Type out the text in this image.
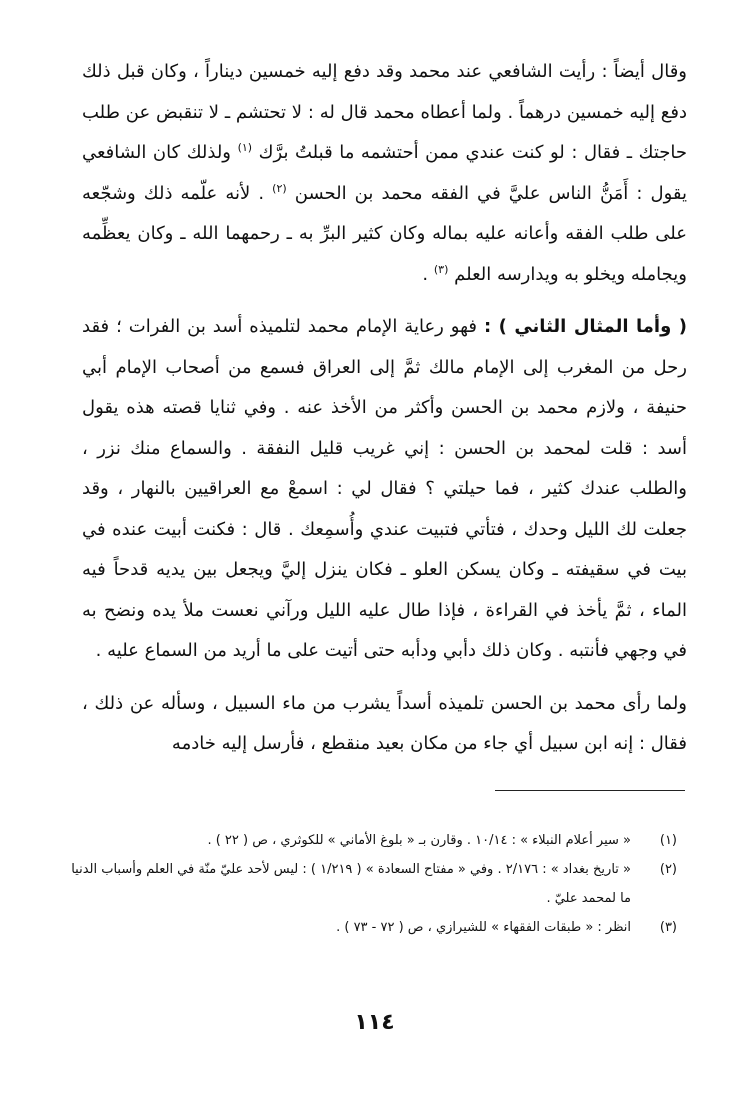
وقال أيضاً : رأيت الشافعي عند محمد وقد دفع إليه خمسين ديناراً ، وكان قبل ذلك دفع إليه خمسين درهماً . ولما أعطاه محمد قال له : لا تحتشم ـ لا تنقبض عن طلب حاجتك ـ فقال : لو كنت عندي ممن أحتشمه ما قبلتُ برَّك $^{(١)}$ ولذلك كان الشافعي يقول : أَمَنُّ الناس عليَّ في الفقه محمد بن الحسن $^{(٢)}$ . لأنه علّمه ذلك وشجّعه على طلب الفقه وأعانه عليه بماله وكان كثير البرِّ به ـ رحمهما الله ـ وكان يعظِّمه ويجامله ويخلو به ويدارسه العلم $^{(٣)}$ .

( وأما المثال الثاني ) : فهو رعاية الإمام محمد لتلميذه أسد بن الفرات ؛ فقد رحل من المغرب إلى الإمام مالك ثمَّ إلى العراق فسمع من أصحاب الإمام أبي حنيفة ، ولازم محمد بن الحسن وأكثر من الأخذ عنه . وفي ثنايا قصته هذه يقول أسد : قلت لمحمد بن الحسن : إني غريب قليل النفقة . والسماع منك نزر ، والطلب عندك كثير ، فما حيلتي ؟ فقال لي : اسمعْ مع العراقيين بالنهار ، وقد جعلت لك الليل وحدك ، فتأتي فتبيت عندي وأُسمِعك . قال : فكنت أبيت عنده في بيت في سقيفته ـ وكان يسكن العلو ـ فكان ينزل إليَّ ويجعل بين يديه قدحاً فيه الماء ، ثمَّ يأخذ في القراءة ، فإذا طال عليه الليل ورآني نعست ملأ يده ونضح به في وجهي فأنتبه . وكان ذلك دأبي ودأبه حتى أتيت على ما أريد من السماع عليه .

ولما رأى محمد بن الحسن تلميذه أسداً يشرب من ماء السبيل ، وسأله عن ذلك ، فقال : إنه ابن سبيل أي جاء من مكان بعيد منقطع ، فأرسل إليه خادمه

(١)
« سير أعلام النبلاء » : ١٠/١٤ . وقارن بـ « بلوغ الأماني » للكوثري ، ص ( ٢٢ ) .
(٢)
« تاريخ بغداد » : ٢/١٧٦ . وفي « مفتاح السعادة » ( ١/٢١٩ ) : ليس لأحد عليّ منّة في العلم وأسباب الدنيا ما لمحمد عليّ .
(٣)
انظر : « طبقات الفقهاء » للشيرازي ، ص ( ٧٢ - ٧٣ ) .
١١٤
